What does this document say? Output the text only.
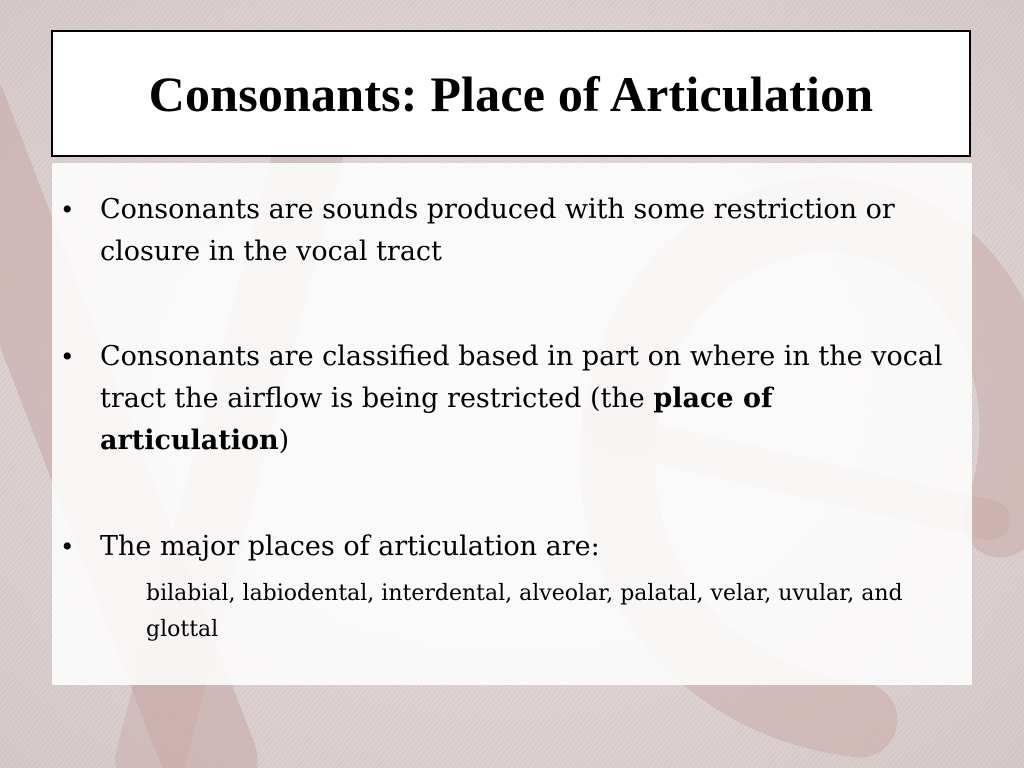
Consonants: Place of Articulation
• Consonants are sounds produced with some restriction or closure in the vocal tract
• Consonants are classified based in part on where in the vocal tract the airflow is being restricted (the place of articulation)
• The major places of articulation are:
bilabial, labiodental, interdental, alveolar, palatal, velar, uvular, and glottal
